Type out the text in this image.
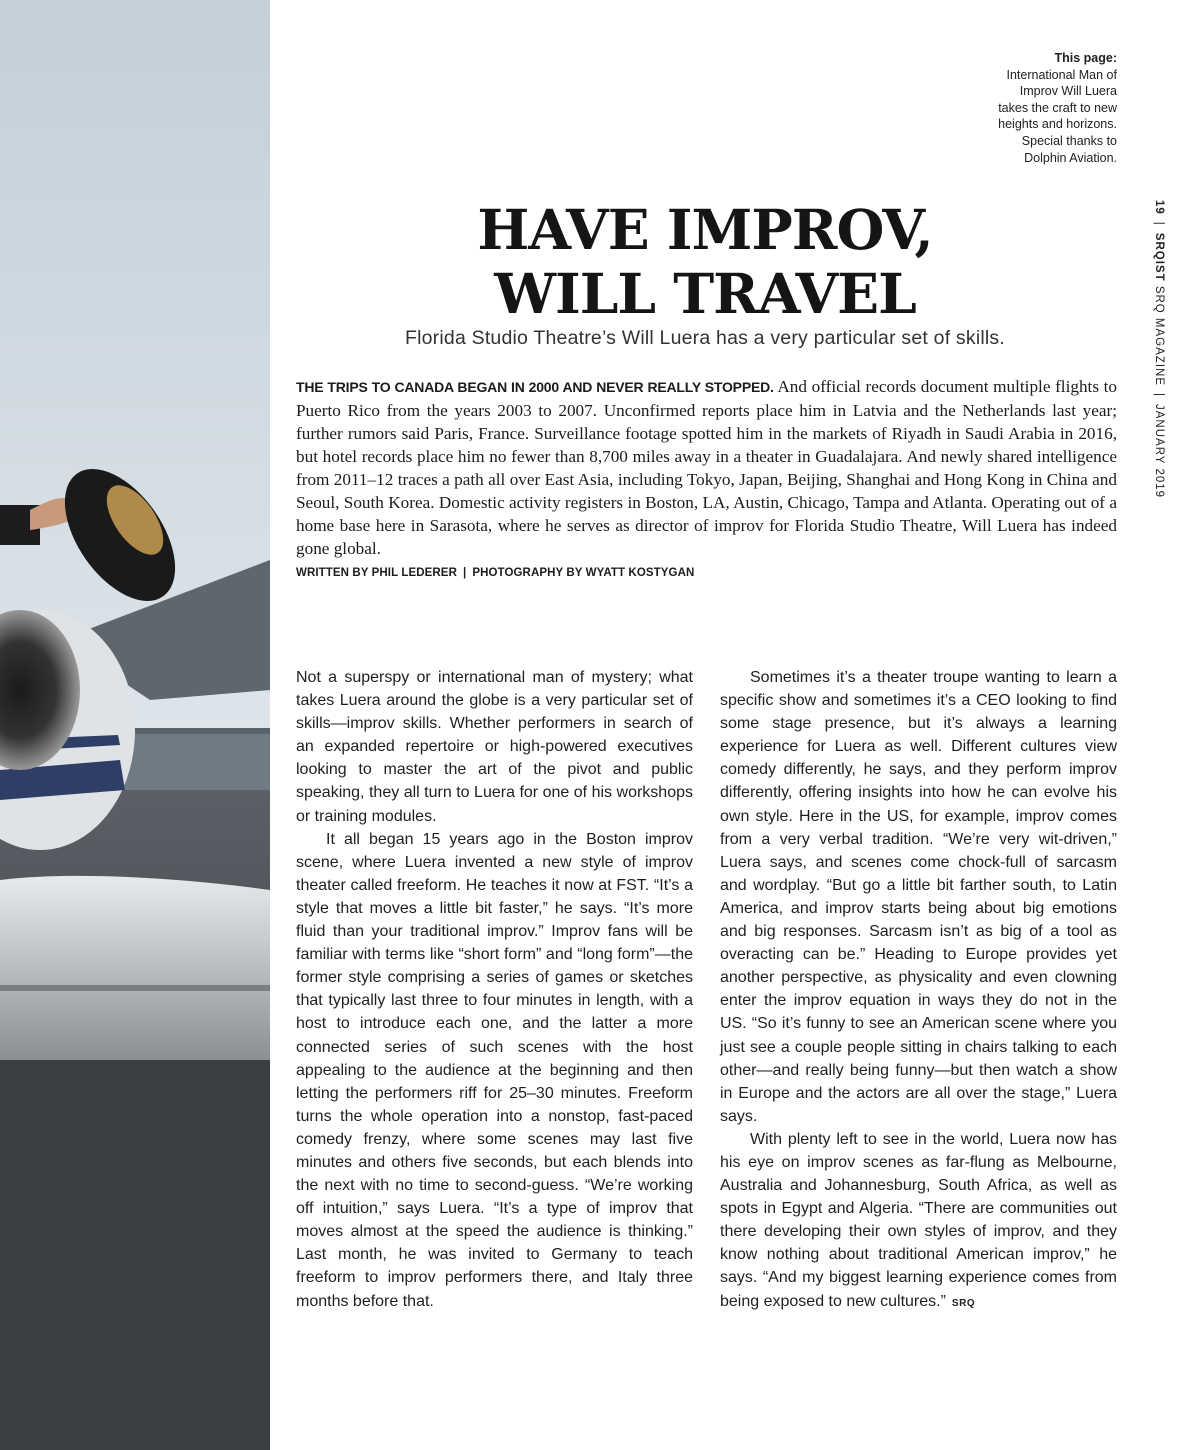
This page:
International Man of Improv Will Luera takes the craft to new heights and horizons. Special thanks to Dolphin Aviation.
19|SRQIST SRQ MAGAZINE|JANUARY 2019
HAVE IMPROV,
WILL TRAVEL
Florida Studio Theatre’s Will Luera has a very particular set of skills.
THE TRIPS TO CANADA BEGAN IN 2000 AND NEVER REALLY STOPPED. And official records document multiple flights to Puerto Rico from the years 2003 to 2007. Unconfirmed reports place him in Latvia and the Netherlands last year; further rumors said Paris, France. Surveillance footage spotted him in the markets of Riyadh in Saudi Arabia in 2016, but hotel records place him no fewer than 8,700 miles away in a theater in Guadalajara. And newly shared intelligence from 2011–12 traces a path all over East Asia, including Tokyo, Japan, Beijing, Shanghai and Hong Kong in China and Seoul, South Korea. Domestic activity registers in Boston, LA, Austin, Chicago, Tampa and Atlanta. Operating out of a home base here in Sarasota, where he serves as director of improv for Florida Studio Theatre, Will Luera has indeed gone global.
WRITTEN BY PHIL LEDERER | PHOTOGRAPHY BY WYATT KOSTYGAN

Not a superspy or international man of mystery; what takes Luera around the globe is a very particular set of skills—improv skills. Whether performers in search of an expanded repertoire or high-powered executives looking to master the art of the pivot and public speaking, they all turn to Luera for one of his workshops or training modules.

It all began 15 years ago in the Boston improv scene, where Luera invented a new style of improv theater called freeform. He teaches it now at FST. “It’s a style that moves a little bit faster,” he says. “It’s more fluid than your traditional improv.” Improv fans will be familiar with terms like “short form” and “long form”—the former style comprising a series of games or sketches that typically last three to four minutes in length, with a host to introduce each one, and the latter a more connected series of such scenes with the host appealing to the audience at the beginning and then letting the performers riff for 25–30 minutes. Freeform turns the whole operation into a nonstop, fast-paced comedy frenzy, where some scenes may last five minutes and others five seconds, but each blends into the next with no time to second-guess. “We’re working off intuition,” says Luera. “It’s a type of improv that moves almost at the speed the audience is thinking.” Last month, he was invited to Germany to teach freeform to improv performers there, and Italy three months before that.

Sometimes it’s a theater troupe wanting to learn a specific show and sometimes it’s a CEO looking to find some stage presence, but it’s always a learning experience for Luera as well. Different cultures view comedy differently, he says, and they perform improv differently, offering insights into how he can evolve his own style. Here in the US, for example, improv comes from a very verbal tradition. “We’re very wit-driven,” Luera says, and scenes come chock-full of sarcasm and wordplay. “But go a little bit farther south, to Latin America, and improv starts being about big emotions and big responses. Sarcasm isn’t as big of a tool as overacting can be.” Heading to Europe provides yet another perspective, as physicality and even clowning enter the improv equation in ways they do not in the US. “So it’s funny to see an American scene where you just see a couple people sitting in chairs talking to each other—and really being funny—but then watch a show in Europe and the actors are all over the stage,” Luera says.

With plenty left to see in the world, Luera now has his eye on improv scenes as far-flung as Melbourne, Australia and Johannesburg, South Africa, as well as spots in Egypt and Algeria. “There are communities out there developing their own styles of improv, and they know nothing about traditional American improv,” he says. “And my biggest learning experience comes from being exposed to new cultures.” SRQ
